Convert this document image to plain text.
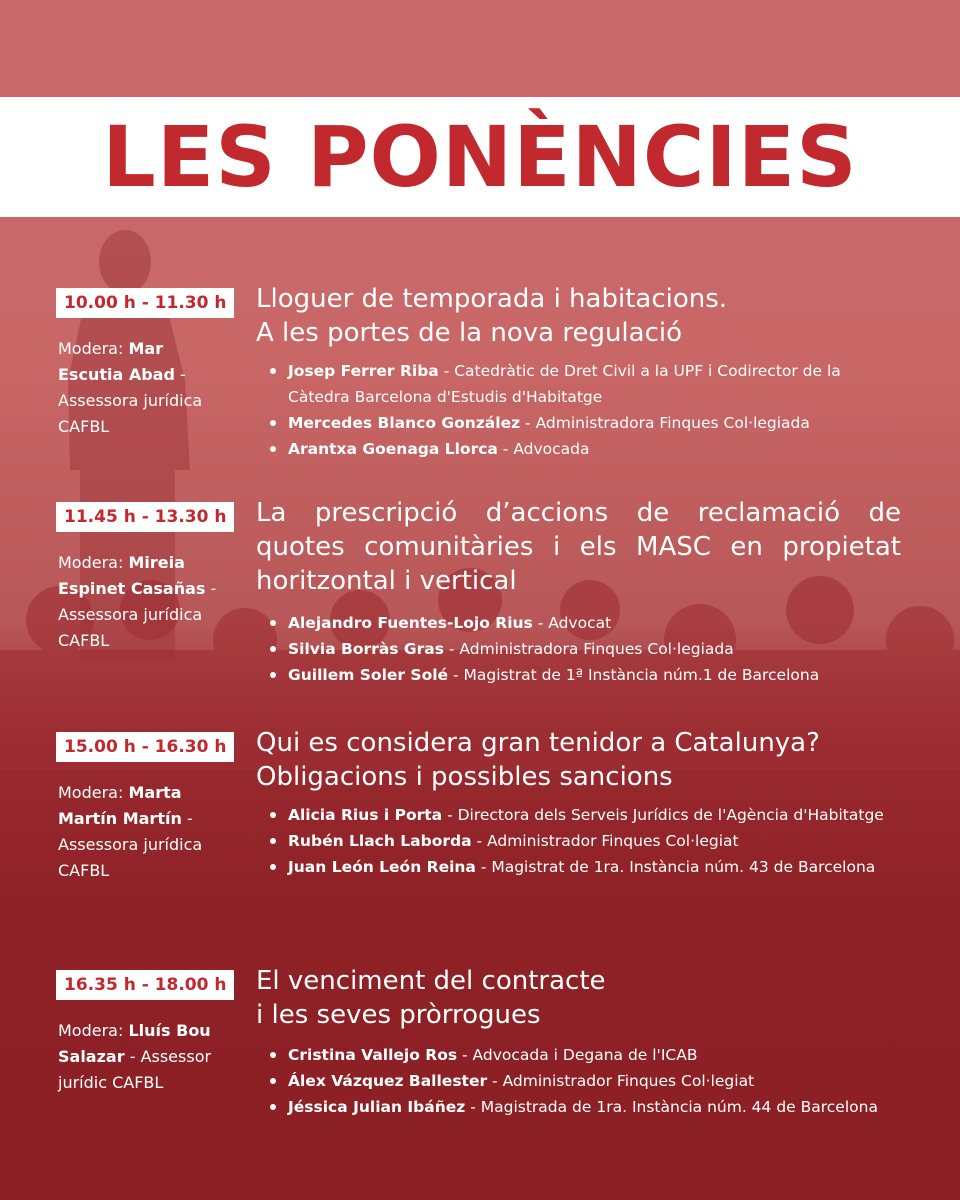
LES PONÈNCIES
10.00 h - 11.30 h
Modera: Mar Escutia Abad - Assessora jurídica CAFBL
Lloguer de temporada i habitacions.
A les portes de la nova regulació
Josep Ferrer Riba - Catedràtic de Dret Civil a la UPF i Codirector de la Càtedra Barcelona d'Estudis d'Habitatge
Mercedes Blanco González - Administradora Finques Col·legiada
Arantxa Goenaga Llorca - Advocada
11.45 h - 13.30 h
Modera: Mireia Espinet Casañas - Assessora jurídica CAFBL
La prescripció d’accions de reclamació de
quotes comunitàries i els MASC en propietat
horitzontal i vertical
Alejandro Fuentes-Lojo Rius - Advocat
Silvia Borràs Gras - Administradora Finques Col·legiada
Guillem Soler Solé - Magistrat de 1ª Instància núm.1 de Barcelona
15.00 h - 16.30 h
Modera: Marta Martín Martín - Assessora jurídica CAFBL
Qui es considera gran tenidor a Catalunya?
Obligacions i possibles sancions
Alicia Rius i Porta - Directora dels Serveis Jurídics de l'Agència d'Habitatge
Rubén Llach Laborda - Administrador Finques Col·legiat
Juan León León Reina - Magistrat de 1ra. Instància núm. 43 de Barcelona
16.35 h - 18.00 h
Modera: Lluís Bou Salazar - Assessor jurídic CAFBL
El venciment del contracte
i les seves pròrrogues
Cristina Vallejo Ros - Advocada i Degana de l'ICAB
Álex Vázquez Ballester - Administrador Finques Col·legiat
Jéssica Julian Ibáñez - Magistrada de 1ra. Instància núm. 44 de Barcelona
